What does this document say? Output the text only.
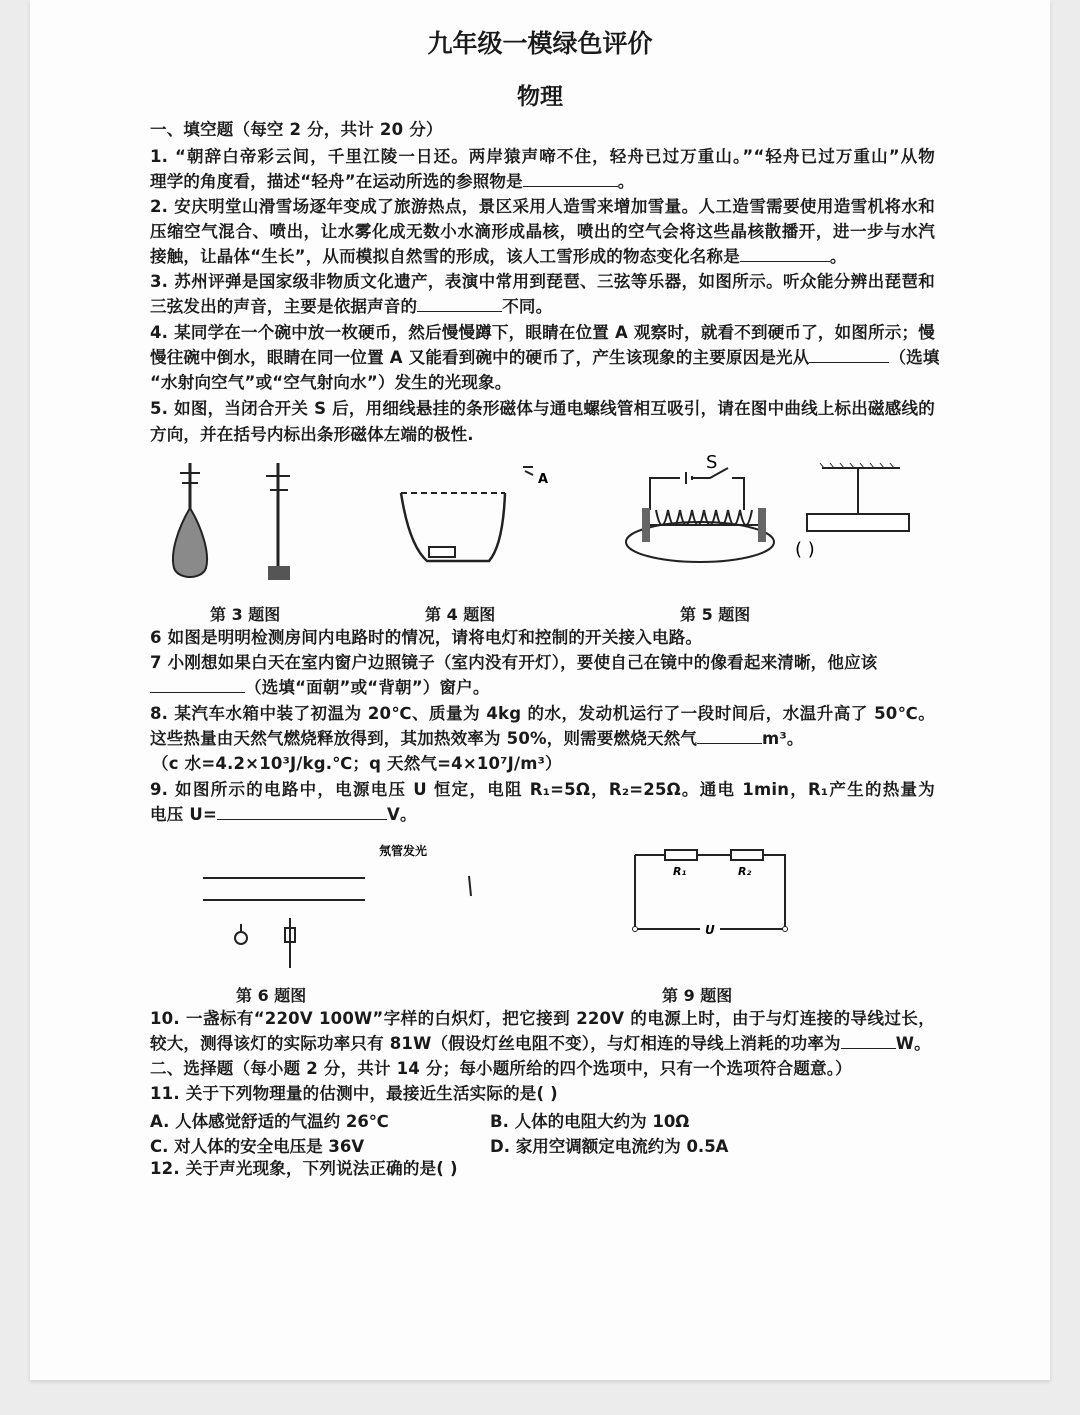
九年级一模绿色评价
物理
一、填空题（每空 2 分，共计 20 分）
1. “朝辞白帝彩云间，千里江陵一日还。两岸猿声啼不住，轻舟已过万重山。”“轻舟已过万重山”从物
理学的角度看，描述“轻舟”在运动所选的参照物是	。
2. 安庆明堂山滑雪场逐年变成了旅游热点，景区采用人造雪来增加雪量。人工造雪需要使用造雪机将水和
压缩空气混合、喷出，让水雾化成无数小水滴形成晶核，喷出的空气会将这些晶核散播开，进一步与水汽
接触，让晶体“生长”，从而模拟自然雪的形成，该人工雪形成的物态变化名称是	。
3. 苏州评弹是国家级非物质文化遗产，表演中常用到琵琶、三弦等乐器，如图所示。听众能分辨出琵琶和
三弦发出的声音，主要是依据声音的	不同。
4. 某同学在一个碗中放一枚硬币，然后慢慢蹲下，眼睛在位置 A 观察时，就看不到硬币了，如图所示；慢
慢往碗中倒水，眼睛在同一位置 A 又能看到碗中的硬币了，产生该现象的主要原因是光从	（选填
“水射向空气”或“空气射向水”）发生的光现象。
5. 如图，当闭合开关 S 后，用细线悬挂的条形磁体与通电螺线管相互吸引，请在图中曲线上标出磁感线的
方向，并在括号内标出条形磁体左端的极性.
A
S
( )
第 3 题图	第 4 题图	第 5 题图
6 如图是明明检测房间内电路时的情况，请将电灯和控制的开关接入电路。
7 小刚想如果白天在室内窗户边照镜子（室内没有开灯），要使自己在镜中的像看起来清晰，他应该
（选填“面朝”或“背朝”）窗户。
8. 某汽车水箱中装了初温为 20℃、质量为 4kg 的水，发动机运行了一段时间后，水温升高了 50℃。
这些热量由天然气燃烧释放得到，其加热效率为 50%，则需要燃烧天然气	m³。
（c 水=4.2×10³J/kg.℃；q 天然气=4×10⁷J/m³）
9. 如图所示的电路中，电源电压 U 恒定，电阻 R₁=5Ω，R₂=25Ω。通电 1min，R₁产生的热量为
电压 U=	V。
氖管发光
R₁	R₂
U
第 6 题图	第 9 题图
10. 一盏标有“220V 100W”字样的白炽灯，把它接到 220V 的电源上时，由于与灯连接的导线过长，
较大，测得该灯的实际功率只有 81W（假设灯丝电阻不变），与灯相连的导线上消耗的功率为	W。
二、选择题（每小题 2 分，共计 14 分；每小题所给的四个选项中，只有一个选项符合题意。）
11. 关于下列物理量的估测中，最接近生活实际的是( )
A. 人体感觉舒适的气温约 26℃	B. 人体的电阻大约为 10Ω
C. 对人体的安全电压是 36V	D. 家用空调额定电流约为 0.5A
12. 关于声光现象，下列说法正确的是( )
